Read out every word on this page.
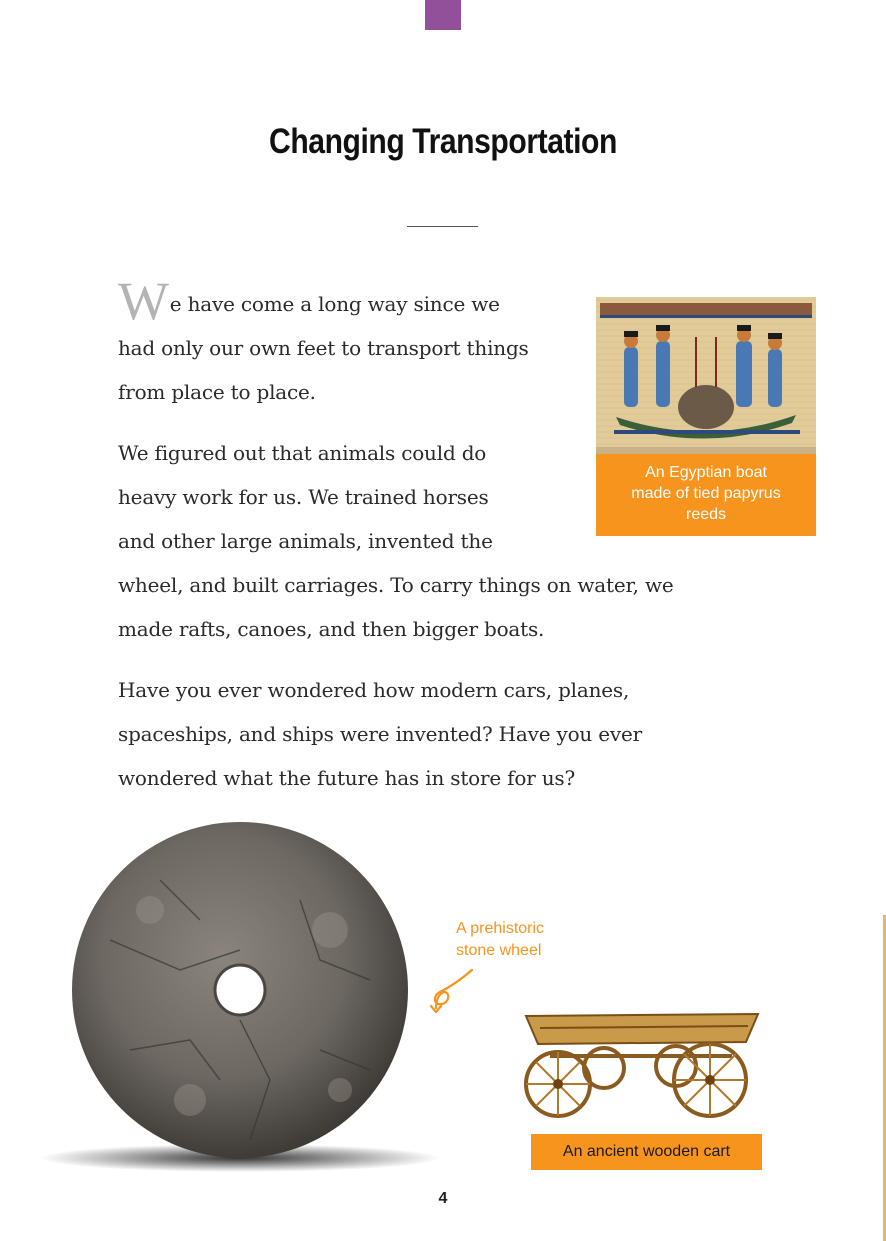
Changing Transportation
W e have come a long way since we
had only our own feet to transport things
from place to place.
We figured out that animals could do
heavy work for us. We trained horses
and other large animals, invented the
wheel, and built carriages. To carry things on water, we
made rafts, canoes, and then bigger boats.
Have you ever wondered how modern cars, planes,
spaceships, and ships were invented? Have you ever
wondered what the future has in store for us?
An Egyptian boat
made of tied papyrus
reeds
A prehistoric
stone wheel
An ancient wooden cart
4
